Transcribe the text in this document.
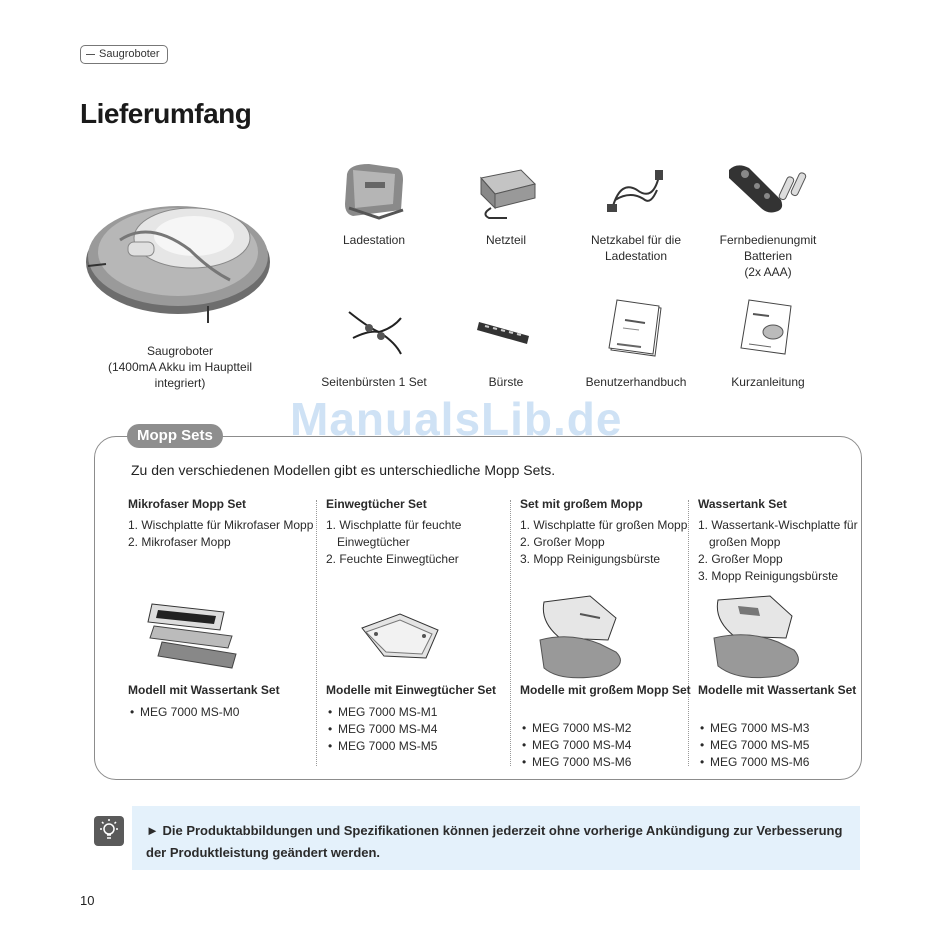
Saugroboter
Lieferumfang
Saugroboter
(1400mA Akku im Hauptteil
integriert)
Ladestation	Netzteil	Netzkabel für die
Ladestation
Fernbedienungmit
Batterien
(2x AAA)
Seitenbürsten 1 Set	Bürste	Benutzerhandbuch	Kurzanleitung
ManualsLib.de
Mopp Sets
Zu den verschiedenen Modellen gibt es unterschiedliche Mopp Sets.
Mikrofaser Mopp Set
1. Wischplatte für Mikrofaser Mopp
2. Mikrofaser Mopp
Modell mit Wassertank Set
• MEG 7000 MS-M0
Einwegtücher Set
1. Wischplatte für feuchte Einwegtücher
2. Feuchte Einwegtücher
Modelle mit Einwegtücher Set
• MEG 7000 MS-M1
• MEG 7000 MS-M4
• MEG 7000 MS-M5
Set mit großem Mopp
1. Wischplatte für großen Mopp
2. Großer Mopp
3. Mopp Reinigungsbürste
Modelle mit großem Mopp Set
• MEG 7000 MS-M2
• MEG 7000 MS-M4
• MEG 7000 MS-M6
Wassertank Set
1. Wassertank-Wischplatte für großen Mopp
2. Großer Mopp
3. Mopp Reinigungsbürste
Modelle mit Wassertank Set
• MEG 7000 MS-M3
• MEG 7000 MS-M5
• MEG 7000 MS-M6
► Die Produktabbildungen und Spezifikationen können jederzeit ohne vorherige Ankündigung zur Verbesserung der Produktleistung geändert werden.
10
